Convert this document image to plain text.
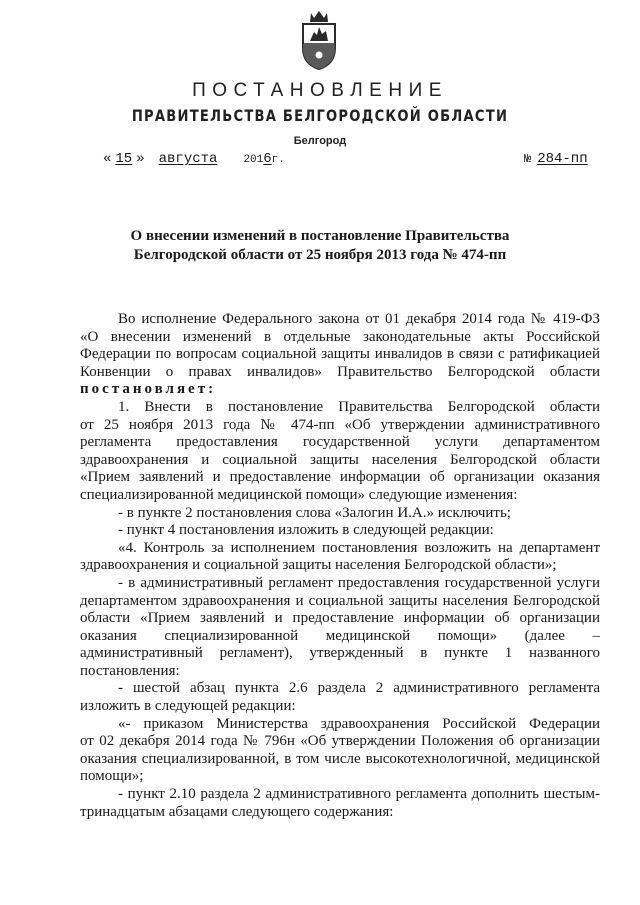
ПОСТАНОВЛЕНИЕ
ПРАВИТЕЛЬСТВА БЕЛГОРОДСКОЙ ОБЛАСТИ
Белгород
« 15 » августа 2016г.	№ 284-пп
О внесении изменений в постановление Правительства
Белгородской области от 25 ноября 2013 года № 474-пп
Во исполнение Федерального закона от 01 декабря 2014 года № 419-ФЗ
«О внесении изменений в отдельные законодательные акты Российской
Федерации по вопросам социальной защиты инвалидов в связи с ратификацией
Конвенции о правах инвалидов» Правительство Белгородской области
постановляет:
1. Внести в постановление Правительства Белгородской области
от 25 ноября 2013 года № 474-пп «Об утверждении административного
регламента предоставления государственной услуги департаментом
здравоохранения и социальной защиты населения Белгородской области
«Прием заявлений и предоставление информации об организации оказания
специализированной медицинской помощи» следующие изменения:
- в пункте 2 постановления слова «Залогин И.А.» исключить;
- пункт 4 постановления изложить в следующей редакции:
«4. Контроль за исполнением постановления возложить на департамент
здравоохранения и социальной защиты населения Белгородской области»;
- в административный регламент предоставления государственной услуги
департаментом здравоохранения и социальной защиты населения Белгородской
области «Прием заявлений и предоставление информации об организации
оказания специализированной медицинской помощи» (далее –
административный регламент), утвержденный в пункте 1 названного
постановления:
- шестой абзац пункта 2.6 раздела 2 административного регламента
изложить в следующей редакции:
«- приказом Министерства здравоохранения Российской Федерации
от 02 декабря 2014 года № 796н «Об утверждении Положения об организации
оказания специализированной, в том числе высокотехнологичной, медицинской
помощи»;
- пункт 2.10 раздела 2 административного регламента дополнить шестым-
тринадцатым абзацами следующего содержания:
